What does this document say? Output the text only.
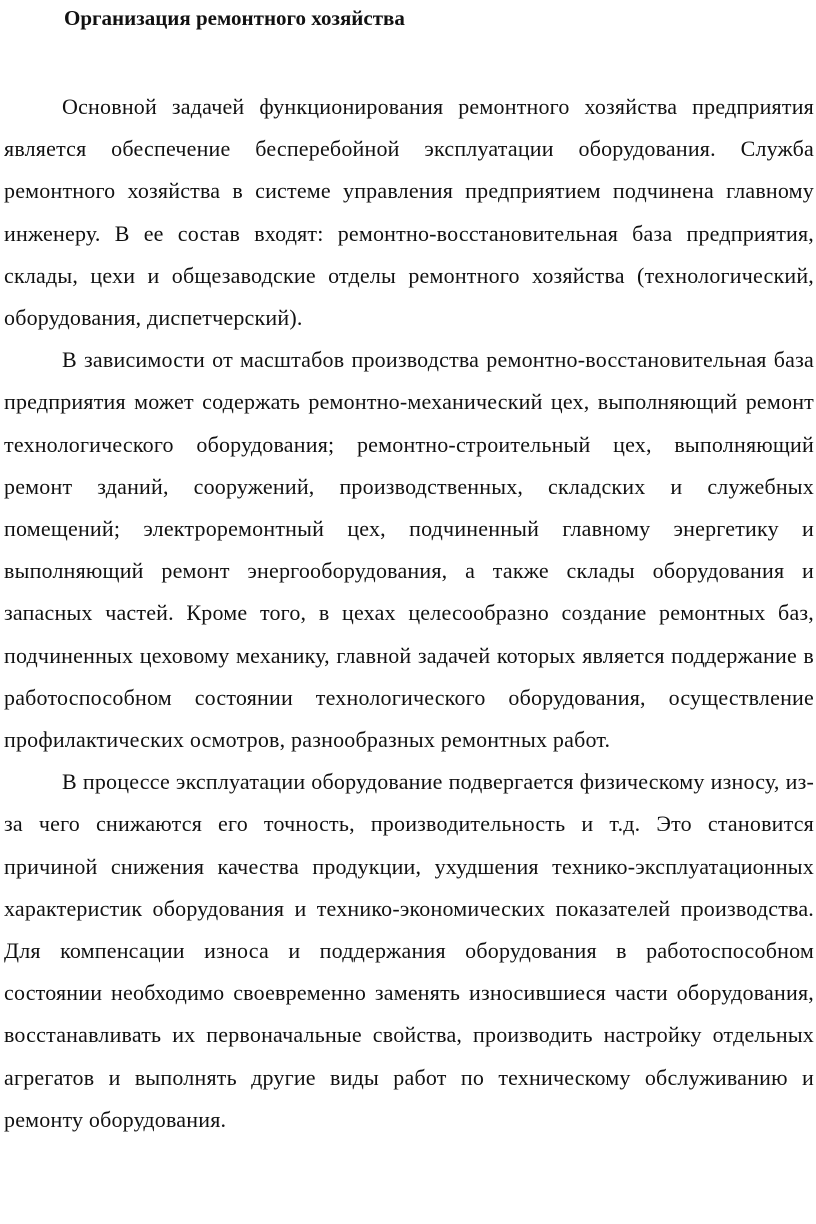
Организация ремонтного хозяйства

Основной задачей функционирования ремонтного хозяйства предприятия является обеспечение бесперебойной эксплуатации оборудования. Служба ремонтного хозяйства в системе управления предприятием подчинена главному инженеру. В ее состав входят: ремонтно-восстановительная база предприятия, склады, цехи и общезаводские отделы ремонтного хозяйства (технологический, оборудования, диспетчерский).

В зависимости от масштабов производства ремонтно-восстановительная база предприятия может содержать ремонтно-механический цех, выполняющий ремонт технологического оборудования; ремонтно-строительный цех, выполняющий ремонт зданий, сооружений, производственных, складских и служебных помещений; электроремонтный цех, подчиненный главному энергетику и выполняющий ремонт энергооборудования, а также склады оборудования и запасных частей. Кроме того, в цехах целесообразно создание ремонтных баз, подчиненных цеховому механику, главной задачей которых является поддержание в работоспособном состоянии технологического оборудования, осуществление профилактических осмотров, разнообразных ремонтных работ.

В процессе эксплуатации оборудование подвергается физическому износу, из-за чего снижаются его точность, производительность и т.д. Это становится причиной снижения качества продукции, ухудшения технико-эксплуатационных характеристик оборудования и технико-экономических показателей производства. Для компенсации износа и поддержания оборудования в работоспособном состоянии необходимо своевременно заменять износившиеся части оборудования, восстанавливать их первоначальные свойства, производить настройку отдельных агрегатов и выполнять другие виды работ по техническому обслуживанию и ремонту оборудования.
